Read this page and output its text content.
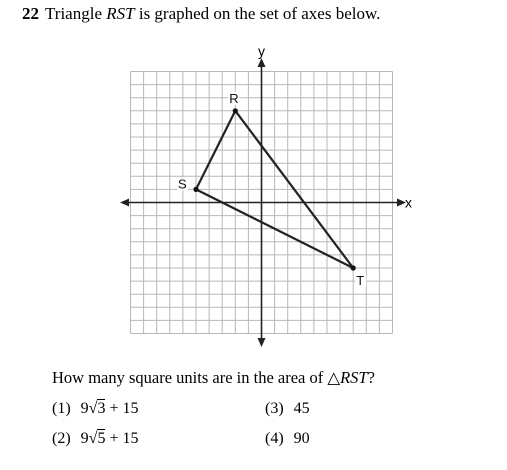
22 Triangle RST is graphed on the set of axes below.
R
S
T
x
y
How many square units are in the area of △RST?
(1) 9√3 + 15
(2) 9√5 + 15
(3) 45
(4) 90
